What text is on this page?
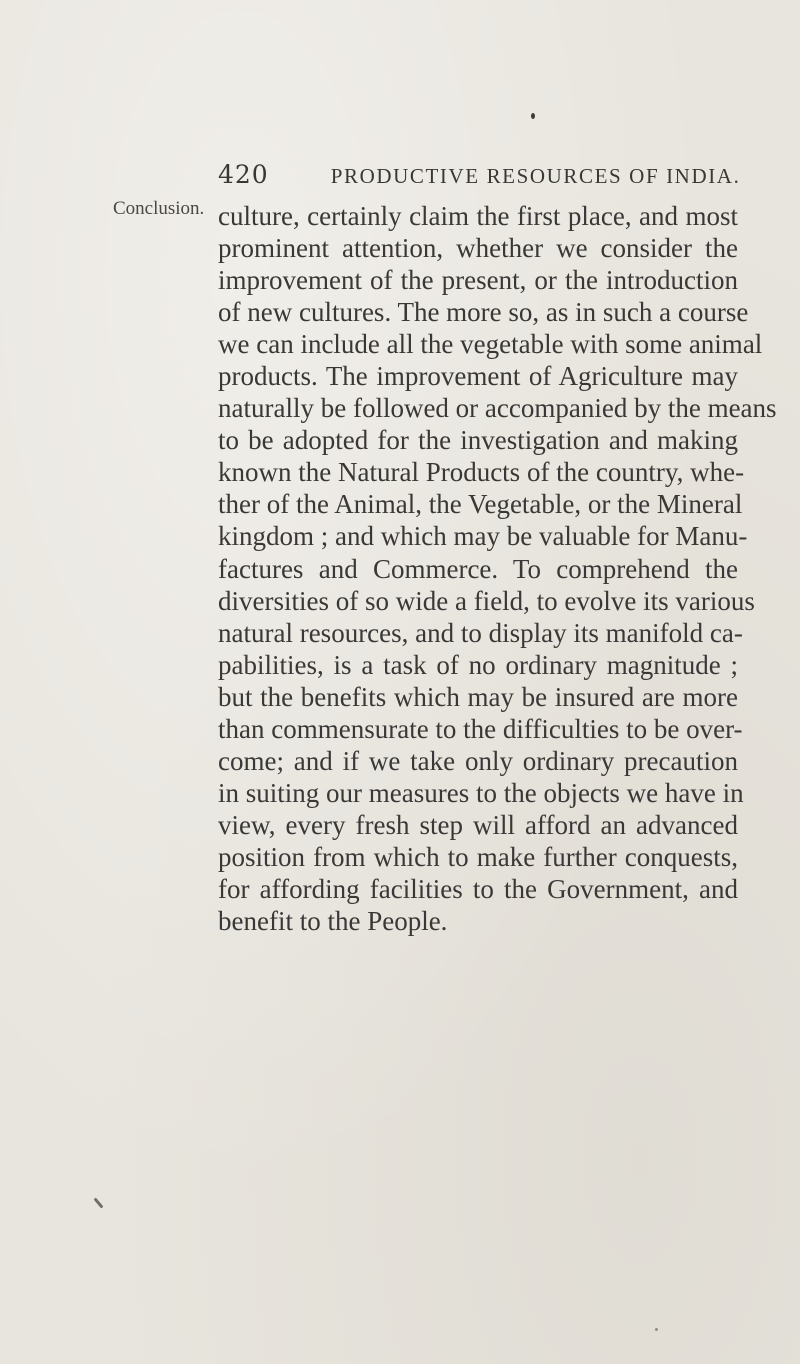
420	PRODUCTIVE RESOURCES OF INDIA.
Conclusion. culture, certainly claim the first place, and most
prominent attention, whether we consider the
improvement of the present, or the introduction
of new cultures. The more so, as in such a course
we can include all the vegetable with some animal
products. The improvement of Agriculture may
naturally be followed or accompanied by the means
to be adopted for the investigation and making
known the Natural Products of the country, whe-
ther of the Animal, the Vegetable, or the Mineral
kingdom ; and which may be valuable for Manu-
factures and Commerce. To comprehend the
diversities of so wide a field, to evolve its various
natural resources, and to display its manifold ca-
pabilities, is a task of no ordinary magnitude ;
but the benefits which may be insured are more
than commensurate to the difficulties to be over-
come; and if we take only ordinary precaution
in suiting our measures to the objects we have in
view, every fresh step will afford an advanced
position from which to make further conquests,
for affording facilities to the Government, and
benefit to the People.
